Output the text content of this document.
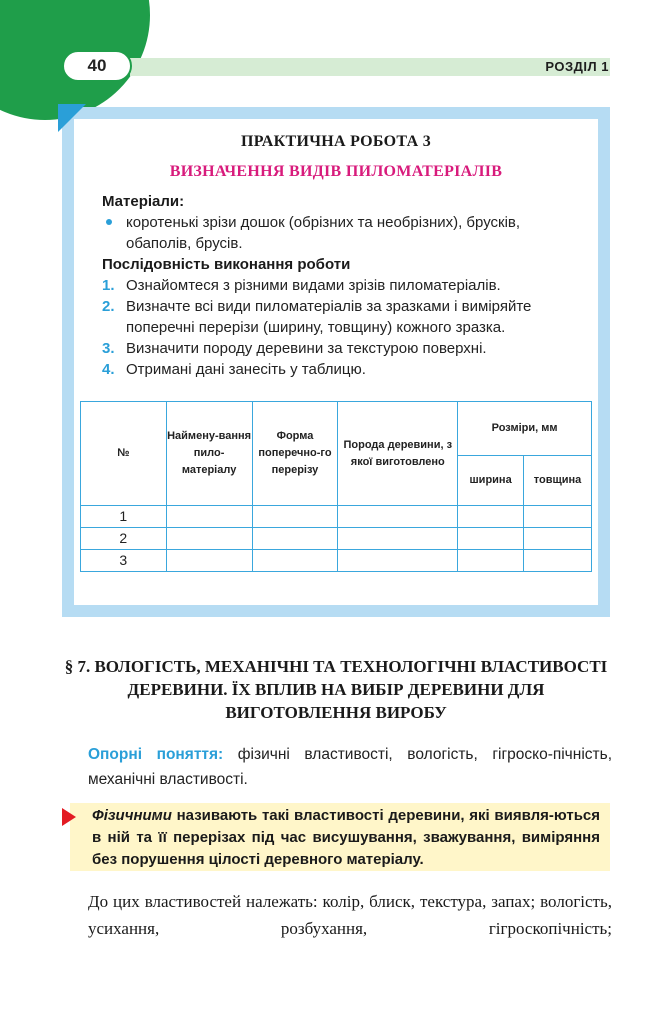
40	РОЗДІЛ 1
ПРАКТИЧНА РОБОТА 3
ВИЗНАЧЕННЯ ВИДІВ ПИЛОМАТЕРІАЛІВ
Матеріали:
коротенькі зрізи дошок (обрізних та необрізних), брусків, обаполів, брусів.
Послідовність виконання роботи
1. Ознайомтеся з різними видами зрізів пиломатеріалів.
2. Визначте всі види пиломатеріалів за зразками і виміряйте поперечні перерізи (ширину, товщину) кожного зразка.
3. Визначити породу деревини за текстурою поверхні.
4. Отримані дані занесіть у таблицю.
№	Наймену-вання пило-матеріалу	Форма поперечно-го перерізу	Порода деревини, з якої виготовлено	Розміри, мм	
				ширина	товщина
1					
2					
3					
§ 7. ВОЛОГІСТЬ, МЕХАНІЧНІ ТА ТЕХНОЛОГІЧНІ ВЛАСТИВОСТІ ДЕРЕВИНИ. ЇХ ВПЛИВ НА ВИБІР ДЕРЕВИНИ ДЛЯ ВИГОТОВЛЕННЯ ВИРОБУ
Опорні поняття: фізичні властивості, вологість, гігроско-пічність, механічні властивості.
Фізичними називають такі властивості деревини, які виявля-ються в ній та її перерізах під час висушування, зважування, виміряння без порушення цілості деревного матеріалу.
До цих властивостей належать: колір, блиск, текстура, запах; вологість, усихання, розбухання, гігроскопічність;
